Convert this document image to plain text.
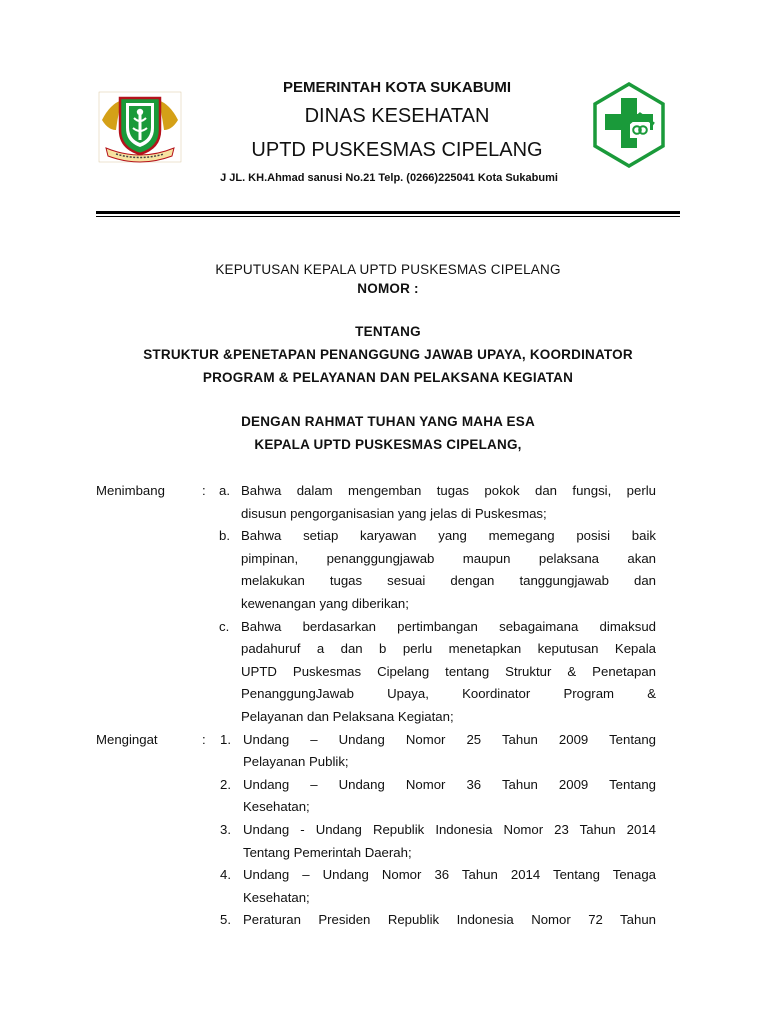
PEMERINTAH KOTA SUKABUMI
DINAS KESEHATAN
UPTD PUSKESMAS CIPELANG
J JL. KH.Ahmad sanusi No.21 Telp. (0266)225041 Kota Sukabumi
KEPUTUSAN KEPALA UPTD PUSKESMAS CIPELANG
NOMOR :
TENTANG
STRUKTUR &PENETAPAN PENANGGUNG JAWAB UPAYA, KOORDINATOR
PROGRAM & PELAYANAN DAN PELAKSANA KEGIATAN
DENGAN RAHMAT TUHAN YANG MAHA ESA
KEPALA UPTD PUSKESMAS CIPELANG,
Menimbang	: a. Bahwa dalam mengemban tugas pokok dan fungsi, perlu
disusun pengorganisasian yang jelas di Puskesmas;
b. Bahwa setiap karyawan yang memegang posisi baik
pimpinan, penanggungjawab maupun pelaksana akan
melakukan tugas sesuai dengan tanggungjawab dan
kewenangan yang diberikan;
c. Bahwa berdasarkan pertimbangan sebagaimana dimaksud
padahuruf a dan b perlu menetapkan keputusan Kepala
UPTD Puskesmas Cipelang tentang Struktur & Penetapan
PenanggungJawab Upaya, Koordinator Program &
Pelayanan dan Pelaksana Kegiatan;
Mengingat	: 1. Undang – Undang Nomor 25 Tahun 2009 Tentang
Pelayanan Publik;
2. Undang – Undang Nomor 36 Tahun 2009 Tentang
Kesehatan;
3. Undang - Undang Republik Indonesia Nomor 23 Tahun 2014
Tentang Pemerintah Daerah;
4. Undang – Undang Nomor 36 Tahun 2014 Tentang Tenaga
Kesehatan;
5. Peraturan Presiden Republik Indonesia Nomor 72 Tahun
